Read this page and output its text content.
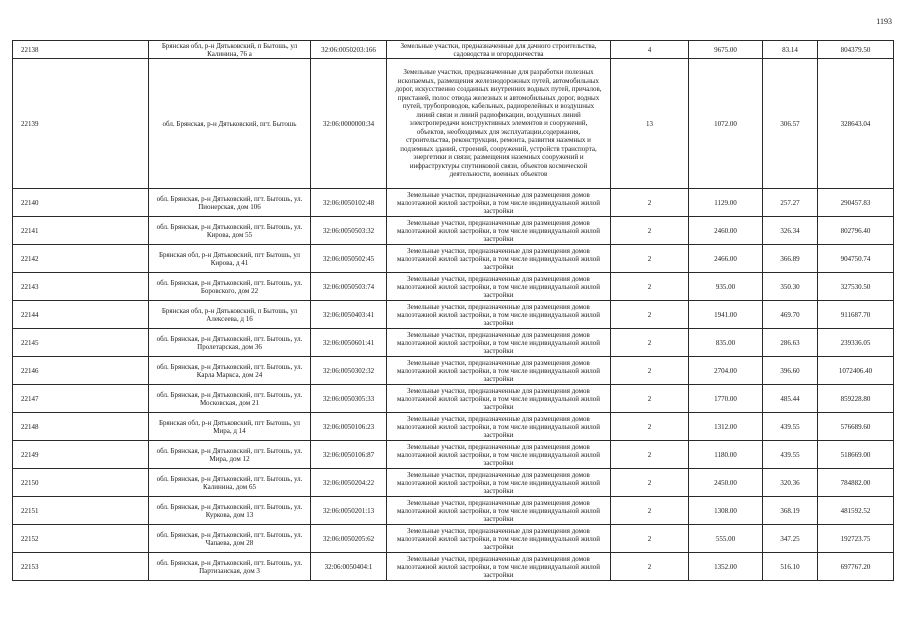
1193
22138	Брянская обл, р-н Дятьковский, п Бытошь, ул Калинина, 76 а	32:06:0050203:166	Земельные участки, предназначенные для дачного строительства, садоводства и огородничества	4	9675.00	83.14	804379.50
22139	обл. Брянская, р-н Дятьковский, пгт. Бытошь	32:06:0000000:34	Земельные участки, предназначенные для разработки полезных ископаемых, размещения железнодорожных путей, автомобильных дорог, искусственно созданных внутренних водных путей, причалов, пристаней, полос отвода железных и автомобильных дорог, водных путей, трубопроводов, кабельных, радиорелейных и воздушных линий связи и линий радиофикации, воздушных линий электропередачи конструктивных элементов и сооружений, объектов, необходимых для эксплуатации,содержания, строительства, реконструкции, ремонта, развития наземных и подземных зданий, строений, сооружений, устройств транспорта, энергетики и связи; размещения наземных сооружений и инфраструктуры спутниковой связи, объектов космической деятельности, военных объектов	13	1072.00	306.57	328643.04
22140	обл. Брянская, р-н Дятьковский, пгт. Бытошь, ул. Пионерская, дом 106	32:06:0050102:48	Земельные участки, предназначенные для размещения домов малоэтажной жилой застройки, в том числе индивидуальной жилой застройки	2	1129.00	257.27	290457.83
22141	обл. Брянская, р-н Дятьковский, пгт. Бытошь, ул. Кирова, дом 55	32:06:0050503:32	Земельные участки, предназначенные для размещения домов малоэтажной жилой застройки, в том числе индивидуальной жилой застройки	2	2460.00	326.34	802796.40
22142	Брянская обл, р-н Дятьковский, пгт Бытошь, ул Кирова, д 41	32:06:0050502:45	Земельные участки, предназначенные для размещения домов малоэтажной жилой застройки, в том числе индивидуальной жилой застройки	2	2466.00	366.89	904750.74
22143	обл. Брянская, р-н Дятьковский, пгт. Бытошь, ул. Боровского, дом 22	32:06:0050503:74	Земельные участки, предназначенные для размещения домов малоэтажной жилой застройки, в том числе индивидуальной жилой застройки	2	935.00	350.30	327530.50
22144	Брянская обл, р-н Дятьковский, п Бытошь, ул Алексеева, д 16	32:06:0050403:41	Земельные участки, предназначенные для размещения домов малоэтажной жилой застройки, в том числе индивидуальной жилой застройки	2	1941.00	469.70	911687.70
22145	обл. Брянская, р-н Дятьковский, пгт. Бытошь, ул. Пролетарская, дом 36	32:06:0050601:41	Земельные участки, предназначенные для размещения домов малоэтажной жилой застройки, в том числе индивидуальной жилой застройки	2	835.00	286.63	239336.05
22146	обл. Брянская, р-н Дятьковский, пгт. Бытошь, ул. Карла Маркса, дом 24	32:06:0050302:32	Земельные участки, предназначенные для размещения домов малоэтажной жилой застройки, в том числе индивидуальной жилой застройки	2	2704.00	396.60	1072406.40
22147	обл. Брянская, р-н Дятьковский, пгт. Бытошь, ул. Московская, дом 21	32:06:0050305:33	Земельные участки, предназначенные для размещения домов малоэтажной жилой застройки, в том числе индивидуальной жилой застройки	2	1770.00	485.44	859228.80
22148	Брянская обл, р-н Дятьковский, пгт Бытошь, ул Мира, д 14	32:06:0050106:23	Земельные участки, предназначенные для размещения домов малоэтажной жилой застройки, в том числе индивидуальной жилой застройки	2	1312.00	439.55	576689.60
22149	обл. Брянская, р-н Дятьковский, пгт. Бытошь, ул. Мира, дом 12	32:06:0050106:87	Земельные участки, предназначенные для размещения домов малоэтажной жилой застройки, в том числе индивидуальной жилой застройки	2	1180.00	439.55	518669.00
22150	обл. Брянская, р-н Дятьковский, пгт. Бытошь, ул. Калинина, дом 65	32:06:0050204:22	Земельные участки, предназначенные для размещения домов малоэтажной жилой застройки, в том числе индивидуальной жилой застройки	2	2450.00	320.36	784882.00
22151	обл. Брянская, р-н Дятьковский, пгт. Бытошь, ул. Куркова, дом 13	32:06:0050201:13	Земельные участки, предназначенные для размещения домов малоэтажной жилой застройки, в том числе индивидуальной жилой застройки	2	1308.00	368.19	481592.52
22152	обл. Брянская, р-н Дятьковский, пгт. Бытошь, ул. Чапаева, дом 28	32:06:0050205:62	Земельные участки, предназначенные для размещения домов малоэтажной жилой застройки, в том числе индивидуальной жилой застройки	2	555.00	347.25	192723.75
22153	обл. Брянская, р-н Дятьковский, пгт. Бытошь, ул. Партизанская, дом 3	32:06:0050404:1	Земельные участки, предназначенные для размещения домов малоэтажной жилой застройки, в том числе индивидуальной жилой застройки	2	1352.00	516.10	697767.20
